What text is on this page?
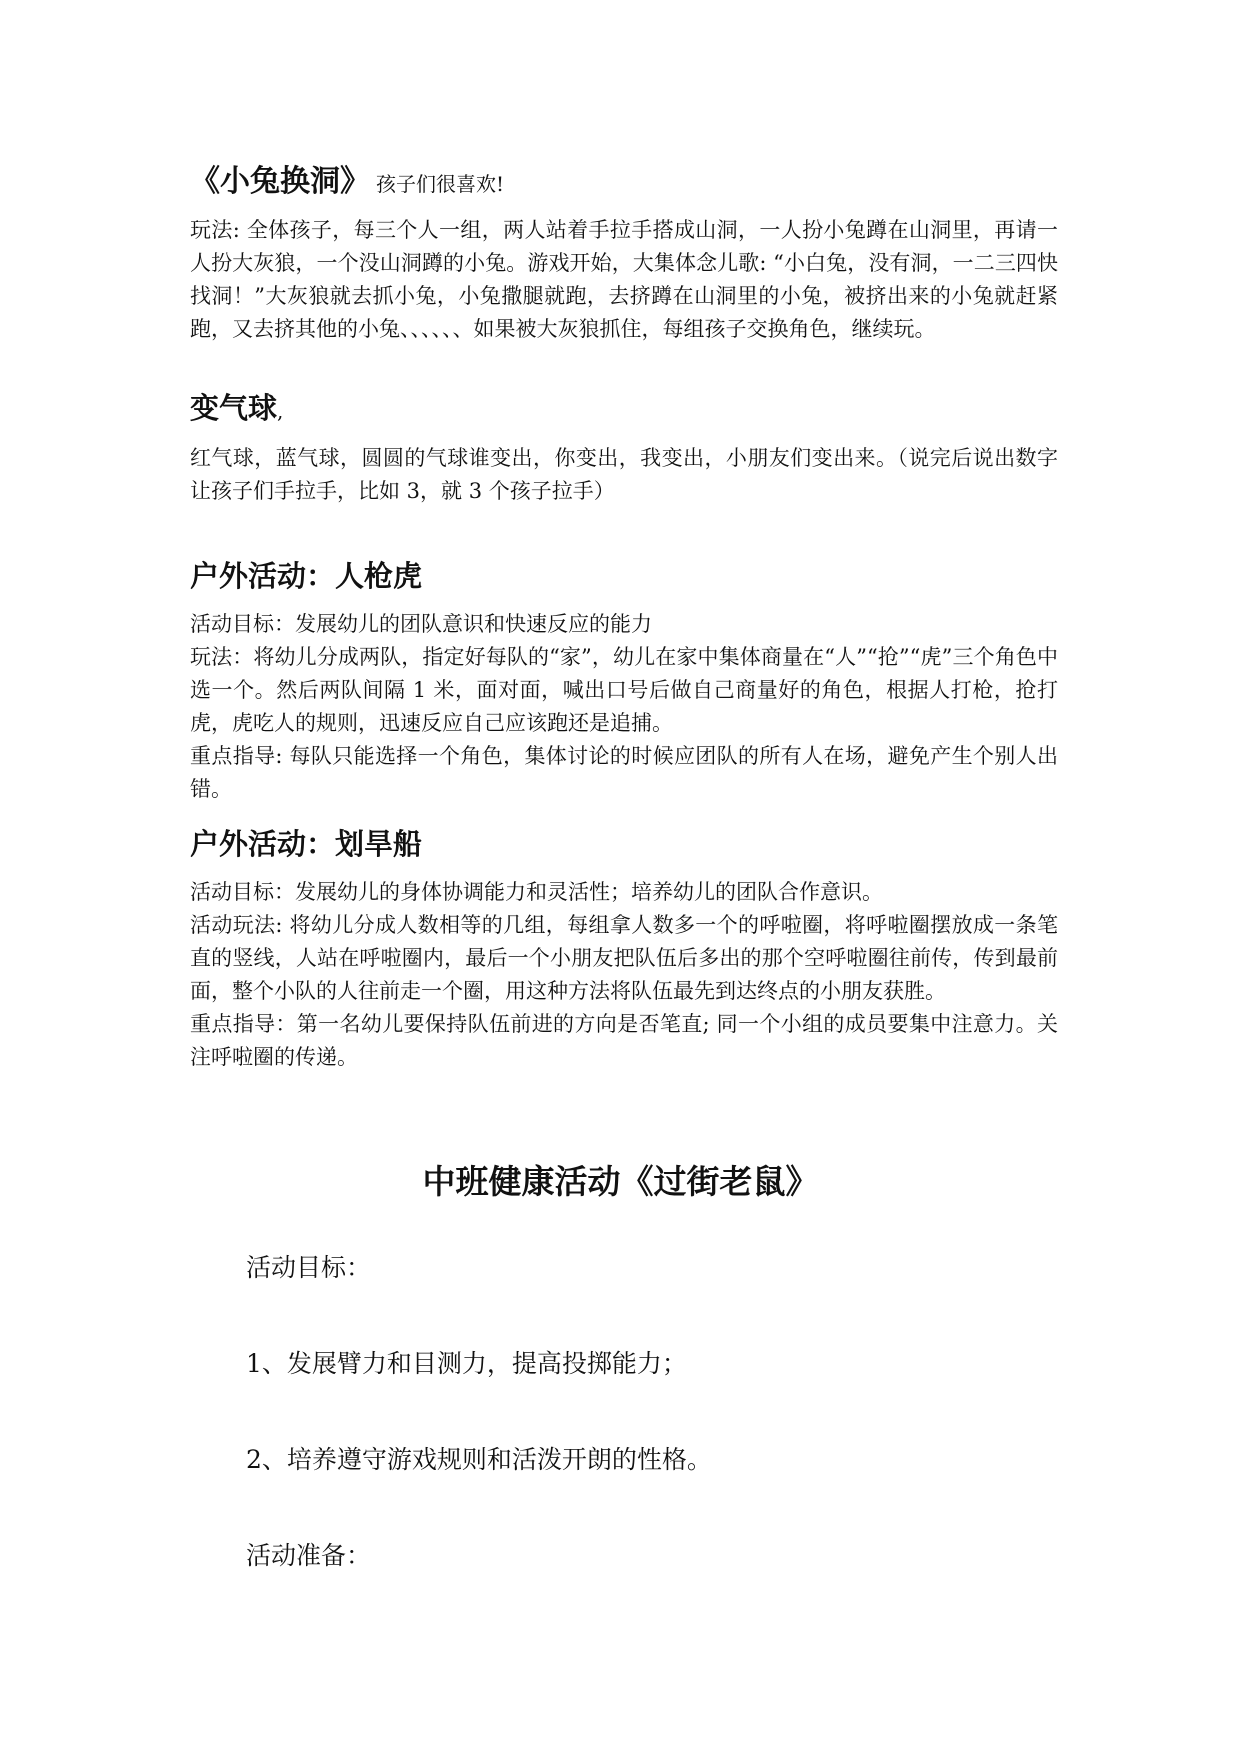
《小兔换洞》 孩子们很喜欢!

玩法: 全体孩子，每三个人一组，两人站着手拉手搭成山洞，一人扮小兔蹲在山洞里，再请一人扮大灰狼，一个没山洞蹲的小兔。游戏开始，大集体念儿歌: “小白兔，没有洞，一二三四快找洞！”大灰狼就去抓小兔，小兔撒腿就跑，去挤蹲在山洞里的小兔，被挤出来的小兔就赶紧跑，又去挤其他的小兔、、、、、、如果被大灰狼抓住，每组孩子交换角色，继续玩。

变气球,

红气球，蓝气球，圆圆的气球谁变出，你变出，我变出，小朋友们变出来。（说完后说出数字让孩子们手拉手，比如 3，就 3 个孩子拉手）

户外活动：人枪虎

活动目标：发展幼儿的团队意识和快速反应的能力

玩法：将幼儿分成两队，指定好每队的“家”，幼儿在家中集体商量在“人”“抢”“虎”三个角色中选一个。然后两队间隔 1 米，面对面，喊出口号后做自己商量好的角色，根据人打枪，抢打虎，虎吃人的规则，迅速反应自己应该跑还是追捕。

重点指导: 每队只能选择一个角色，集体讨论的时候应团队的所有人在场，避免产生个别人出错。

户外活动：划旱船

活动目标：发展幼儿的身体协调能力和灵活性；培养幼儿的团队合作意识。

活动玩法: 将幼儿分成人数相等的几组，每组拿人数多一个的呼啦圈，将呼啦圈摆放成一条笔直的竖线，人站在呼啦圈内，最后一个小朋友把队伍后多出的那个空呼啦圈往前传，传到最前面，整个小队的人往前走一个圈，用这种方法将队伍最先到达终点的小朋友获胜。

重点指导：第一名幼儿要保持队伍前进的方向是否笔直; 同一个小组的成员要集中注意力。关注呼啦圈的传递。

中班健康活动《过街老鼠》
活动目标：
1、发展臂力和目测力，提高投掷能力；
2、培养遵守游戏规则和活泼开朗的性格。
活动准备：
